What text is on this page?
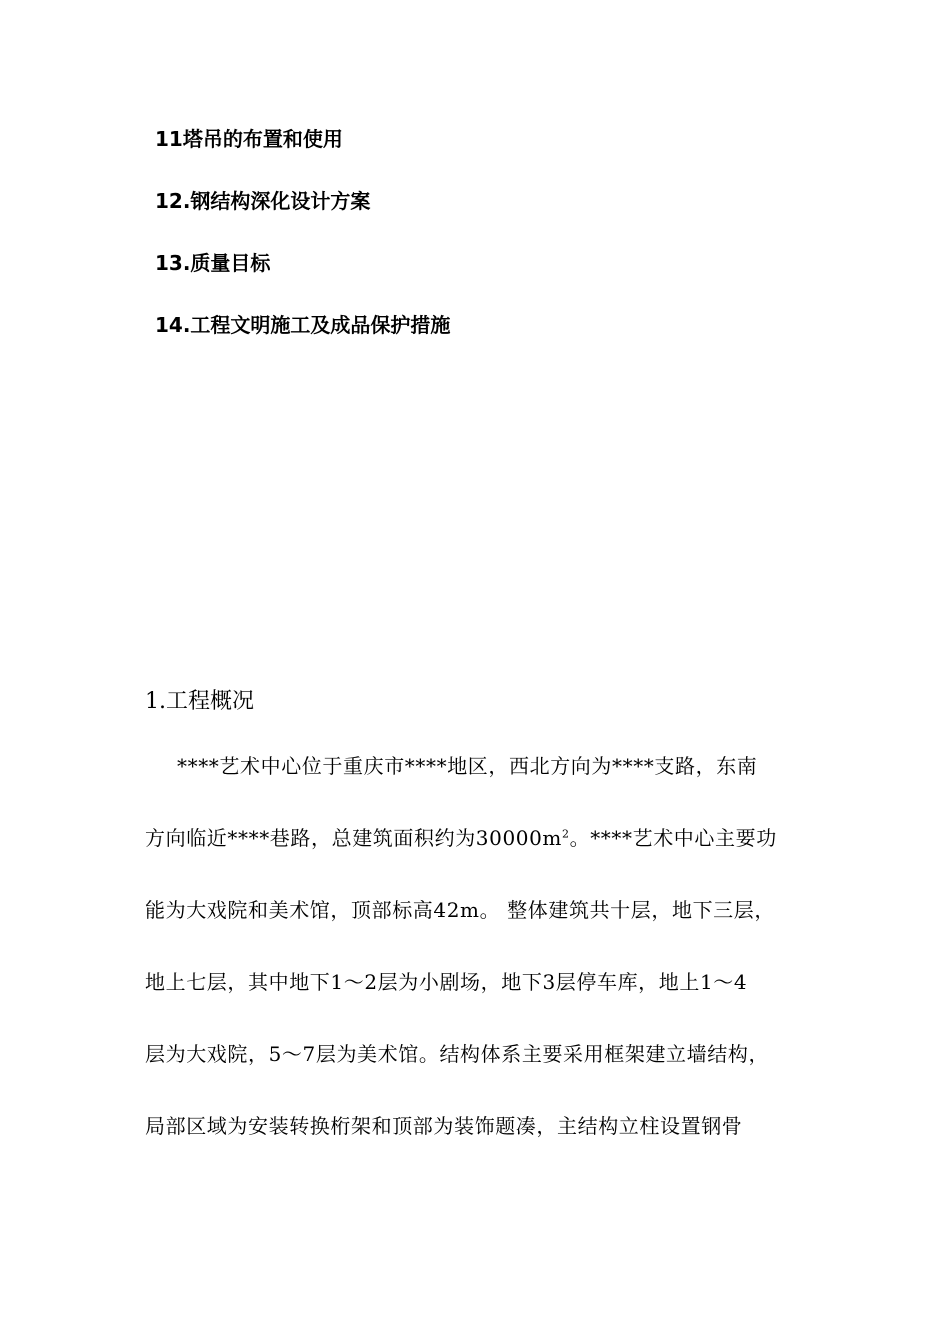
11塔吊的布置和使用
12.钢结构深化设计方案
13.质量目标
14.工程文明施工及成品保护措施
1.工程概况
****艺术中心位于重庆市****地区，西北方向为****支路，东南
方向临近****巷路，总建筑面积约为$30000m^2$。****艺术中心主要功
能为大戏院和美术馆，顶部标高42m。 整体建筑共十层，地下三层，
地上七层，其中地下1～2层为小剧场，地下3层停车库，地上1～4
层为大戏院，5～7层为美术馆。结构体系主要采用框架建立墙结构，
局部区域为安装转换桁架和顶部为装饰题凑，主结构立柱设置钢骨
